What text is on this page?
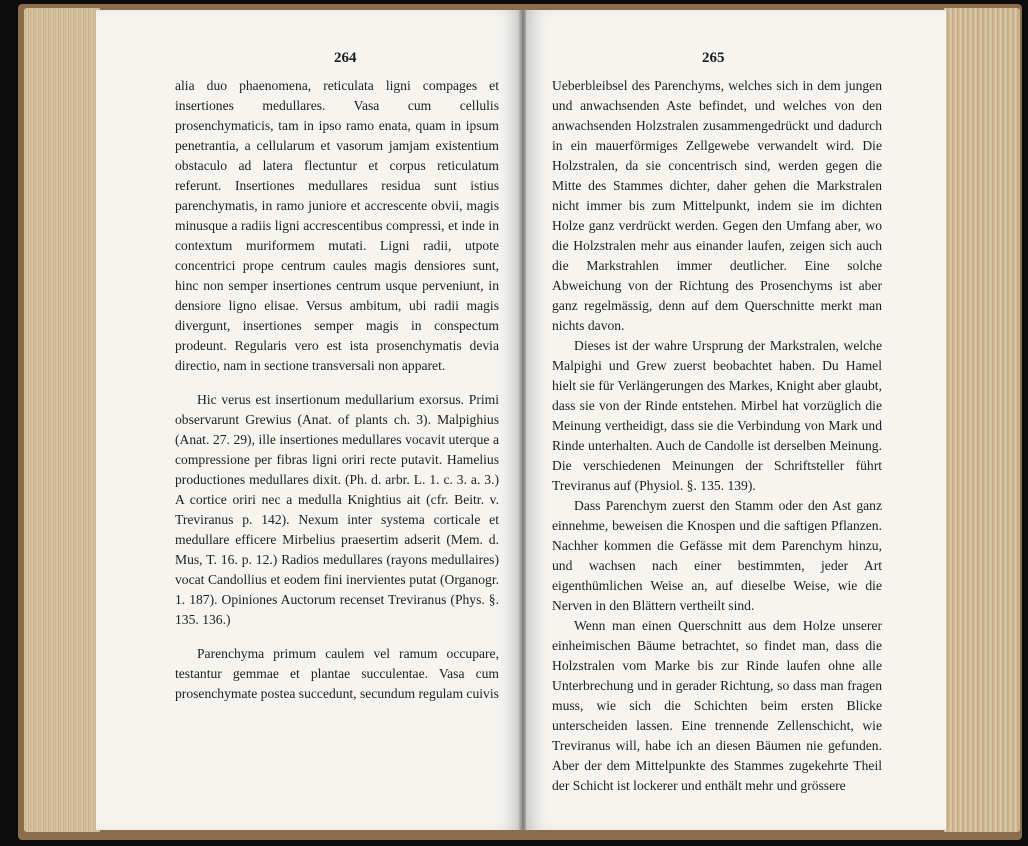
264

alia duo phaenomena, reticulata ligni compages et insertiones medullares. Vasa cum cellulis prosenchymaticis, tam in ipso ramo enata, quam in ipsum penetrantia, a cellularum et vasorum jamjam existentium obstaculo ad latera flectuntur et corpus reticulatum referunt. Insertiones medullares residua sunt istius parenchymatis, in ramo juniore et accrescente obvii, magis minusque a radiis ligni accrescentibus compressi, et inde in contextum muriformem mutati. Ligni radii, utpote concentrici prope centrum caules magis densiores sunt, hinc non semper insertiones centrum usque perveniunt, in densiore ligno elisae. Versus ambitum, ubi radii magis divergunt, insertiones semper magis in conspectum prodeunt. Regularis vero est ista prosenchymatis devia directio, nam in sectione transversali non apparet.

Hic verus est insertionum medullarium exorsus. Primi observarunt Grewius (Anat. of plants ch. 3). Malpighius (Anat. 27. 29), ille insertiones medullares vocavit uterque a compressione per fibras ligni oriri recte putavit. Hamelius productiones medullares dixit. (Ph. d. arbr. L. 1. c. 3. a. 3.) A cortice oriri nec a medulla Knightius ait (cfr. Beitr. v. Treviranus p. 142). Nexum inter systema corticale et medullare efficere Mirbelius praesertim adserit (Mem. d. Mus, T. 16. p. 12.) Radios medullares (rayons medullaires) vocat Candollius et eodem fini inervientes putat (Organogr. 1. 187). Opiniones Auctorum recenset Treviranus (Phys. §. 135. 136.)

Parenchyma primum caulem vel ramum occupare, testantur gemmae et plantae succulentae. Vasa cum prosenchymate postea succedunt, secundum regulam cuivis

265

Ueberbleibsel des Parenchyms, welches sich in dem jungen und anwachsenden Aste befindet, und welches von den anwachsenden Holzstralen zusammengedrückt und dadurch in ein mauerförmiges Zellgewebe verwandelt wird. Die Holzstralen, da sie concentrisch sind, werden gegen die Mitte des Stammes dichter, daher gehen die Markstralen nicht immer bis zum Mittelpunkt, indem sie im dichten Holze ganz verdrückt werden. Gegen den Umfang aber, wo die Holzstralen mehr aus einander laufen, zeigen sich auch die Markstrahlen immer deutlicher. Eine solche Abweichung von der Richtung des Prosenchyms ist aber ganz regelmässig, denn auf dem Querschnitte merkt man nichts davon.

Dieses ist der wahre Ursprung der Markstralen, welche Malpighi und Grew zuerst beobachtet haben. Du Hamel hielt sie für Verlängerungen des Markes, Knight aber glaubt, dass sie von der Rinde entstehen. Mirbel hat vorzüglich die Meinung vertheidigt, dass sie die Verbindung von Mark und Rinde unterhalten. Auch de Candolle ist derselben Meinung. Die verschiedenen Meinungen der Schriftsteller führt Treviranus auf (Physiol. §. 135. 139).

Dass Parenchym zuerst den Stamm oder den Ast ganz einnehme, beweisen die Knospen und die saftigen Pflanzen. Nachher kommen die Gefässe mit dem Parenchym hinzu, und wachsen nach einer bestimmten, jeder Art eigenthümlichen Weise an, auf dieselbe Weise, wie die Nerven in den Blättern vertheilt sind.

Wenn man einen Querschnitt aus dem Holze unserer einheimischen Bäume betrachtet, so findet man, dass die Holzstralen vom Marke bis zur Rinde laufen ohne alle Unterbrechung und in gerader Richtung, so dass man fragen muss, wie sich die Schichten beim ersten Blicke unterscheiden lassen. Eine trennende Zellenschicht, wie Treviranus will, habe ich an diesen Bäumen nie gefunden. Aber der dem Mittelpunkte des Stammes zugekehrte Theil der Schicht ist lockerer und enthält mehr und grössere
